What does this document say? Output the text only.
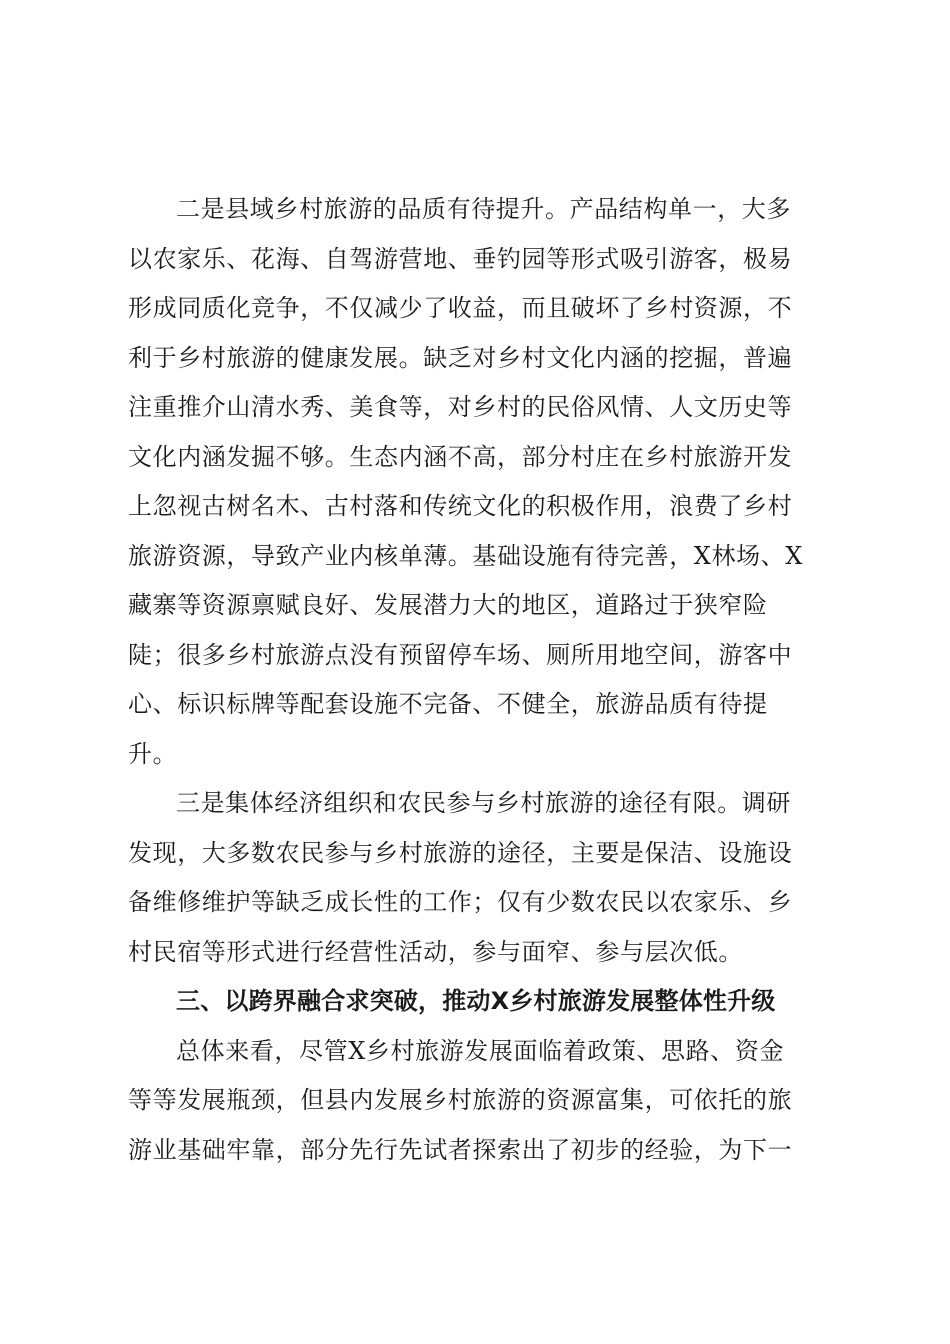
二是县域乡村旅游的品质有待提升。产品结构单一，大多
以农家乐、花海、自驾游营地、垂钓园等形式吸引游客，极易
形成同质化竞争，不仅减少了收益，而且破坏了乡村资源，不
利于乡村旅游的健康发展。缺乏对乡村文化内涵的挖掘，普遍
注重推介山清水秀、美食等，对乡村的民俗风情、人文历史等
文化内涵发掘不够。生态内涵不高，部分村庄在乡村旅游开发
上忽视古树名木、古村落和传统文化的积极作用，浪费了乡村
旅游资源，导致产业内核单薄。基础设施有待完善，X林场、X
藏寨等资源禀赋良好、发展潜力大的地区，道路过于狭窄险
陡；很多乡村旅游点没有预留停车场、厕所用地空间，游客中
心、标识标牌等配套设施不完备、不健全，旅游品质有待提
升。

三是集体经济组织和农民参与乡村旅游的途径有限。调研
发现，大多数农民参与乡村旅游的途径，主要是保洁、设施设
备维修维护等缺乏成长性的工作；仅有少数农民以农家乐、乡
村民宿等形式进行经营性活动，参与面窄、参与层次低。

三、以跨界融合求突破，推动X乡村旅游发展整体性升级

总体来看，尽管X乡村旅游发展面临着政策、思路、资金
等等发展瓶颈，但县内发展乡村旅游的资源富集，可依托的旅
游业基础牢靠，部分先行先试者探索出了初步的经验，为下一
